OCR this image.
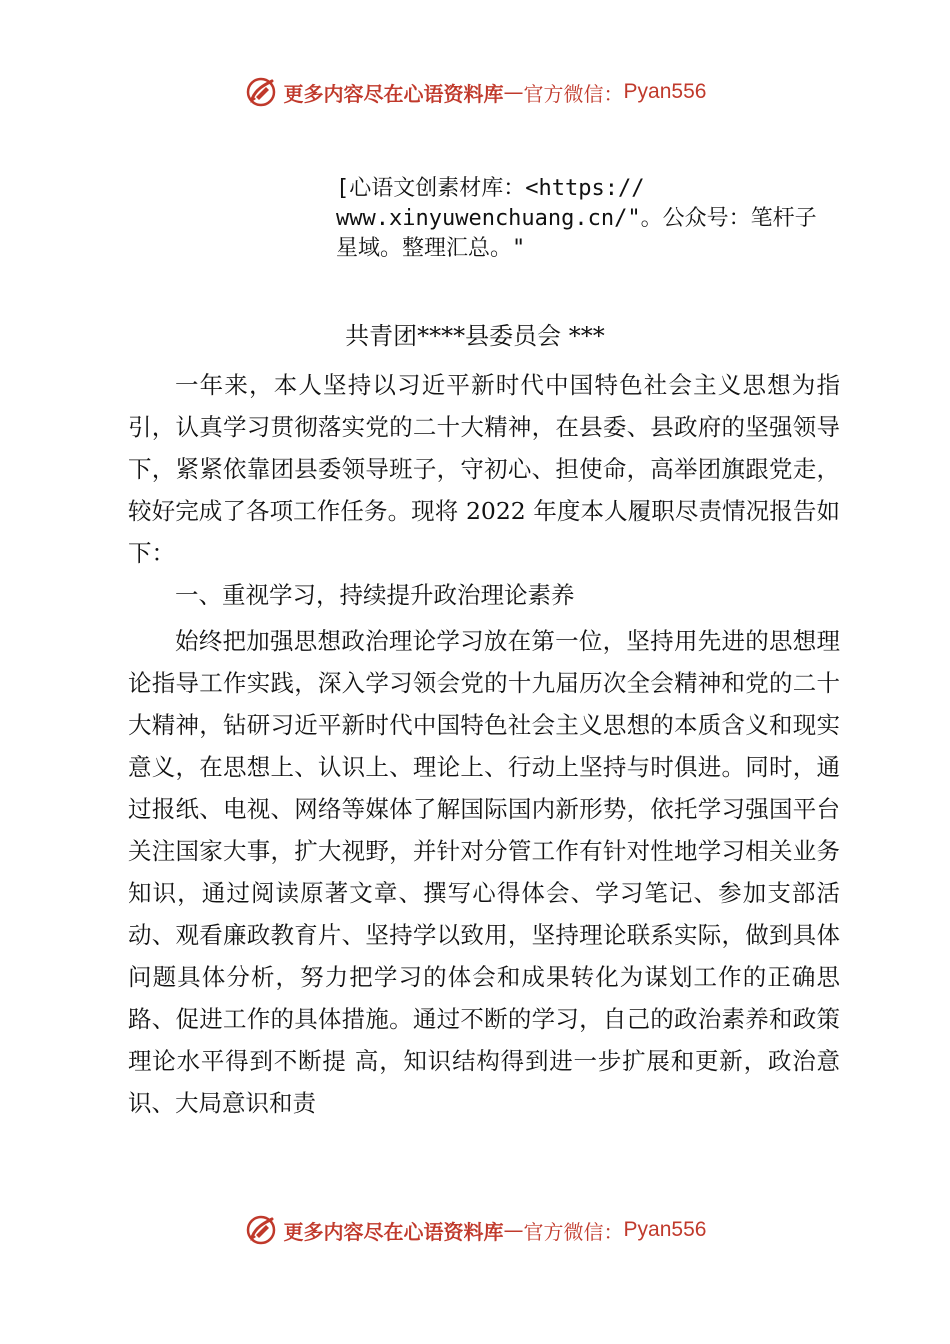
更多内容尽在心语资料库 — 官方微信： Pyan556
[心语文创素材库：<https://
www.xinyuwenchuang.cn/"。公众号：笔杆子
星域。整理汇总。"
共青团****县委员会 ***

一年来，本人坚持以习近平新时代中国特色社会主义思想为指引，认真学习贯彻落实党的二十大精神，在县委、县政府的坚强领导下，紧紧依靠团县委领导班子，守初心、担使命，高举团旗跟党走，较好完成了各项工作任务。现将 2022 年度本人履职尽责情况报告如下：

一、重视学习，持续提升政治理论素养

始终把加强思想政治理论学习放在第一位，坚持用先进的思想理论指导工作实践，深入学习领会党的十九届历次全会精神和党的二十大精神，钻研习近平新时代中国特色社会主义思想的本质含义和现实意义，在思想上、认识上、理论上、行动上坚持与时俱进。同时，通过报纸、电视、网络等媒体了解国际国内新形势，依托学习强国平台关注国家大事，扩大视野，并针对分管工作有针对性地学习相关业务知识，通过阅读原著文章、撰写心得体会、学习笔记、参加支部活动、观看廉政教育片、坚持学以致用，坚持理论联系实际，做到具体问题具体分析，努力把学习的体会和成果转化为谋划工作的正确思路、促进工作的具体措施。通过不断的学习，自己的政治素养和政策理论水平得到不断提 高，知识结构得到进一步扩展和更新，政治意识、大局意识和责

更多内容尽在心语资料库 — 官方微信： Pyan556
